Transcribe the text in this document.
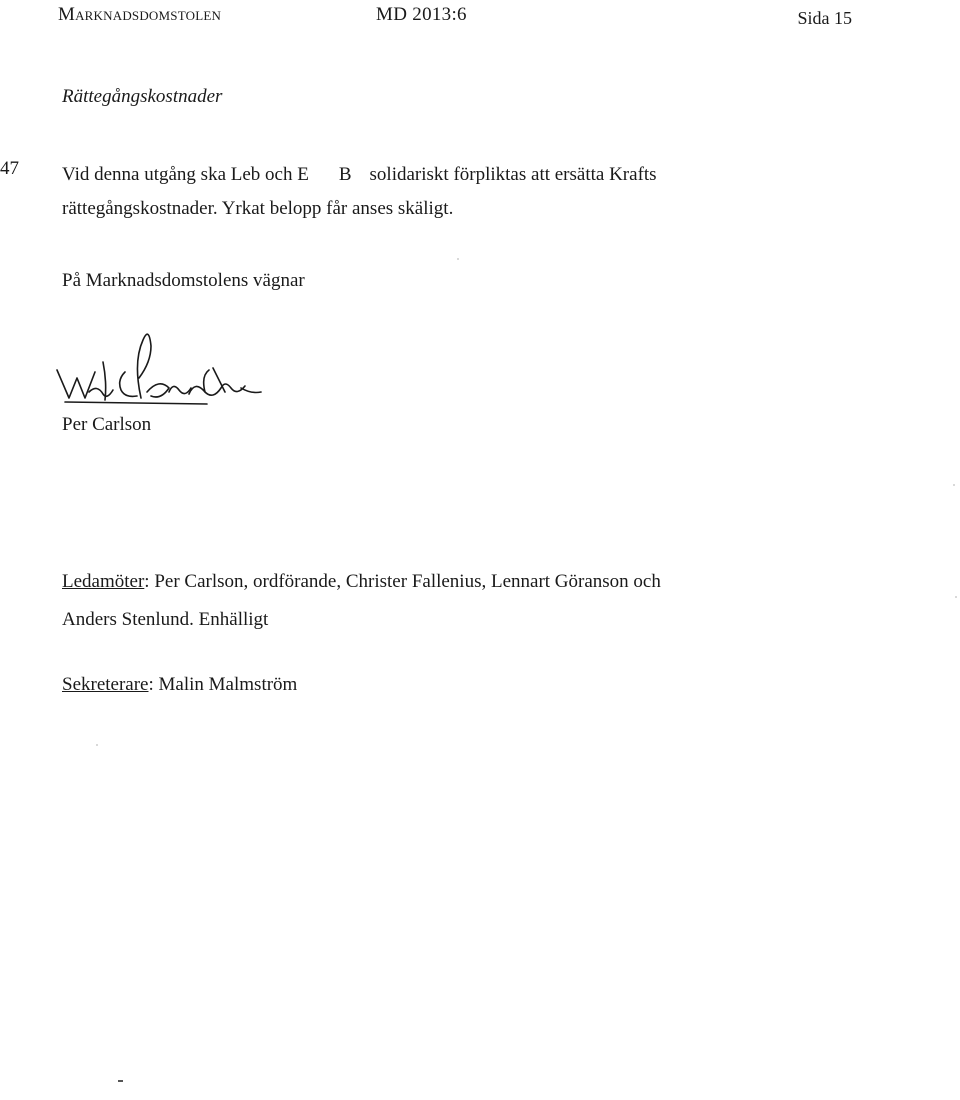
Marknadsdomstolen	MD 2013:6	Sida 15
Rättegångskostnader
47 Vid denna utgång ska Leb och E B solidariskt förpliktas att ersätta Krafts
rättegångskostnader. Yrkat belopp får anses skäligt.
På Marknadsdomstolens vägnar
Per Carlson
Ledamöter: Per Carlson, ordförande, Christer Fallenius, Lennart Göranson och
Anders Stenlund. Enhälligt
Sekreterare: Malin Malmström
